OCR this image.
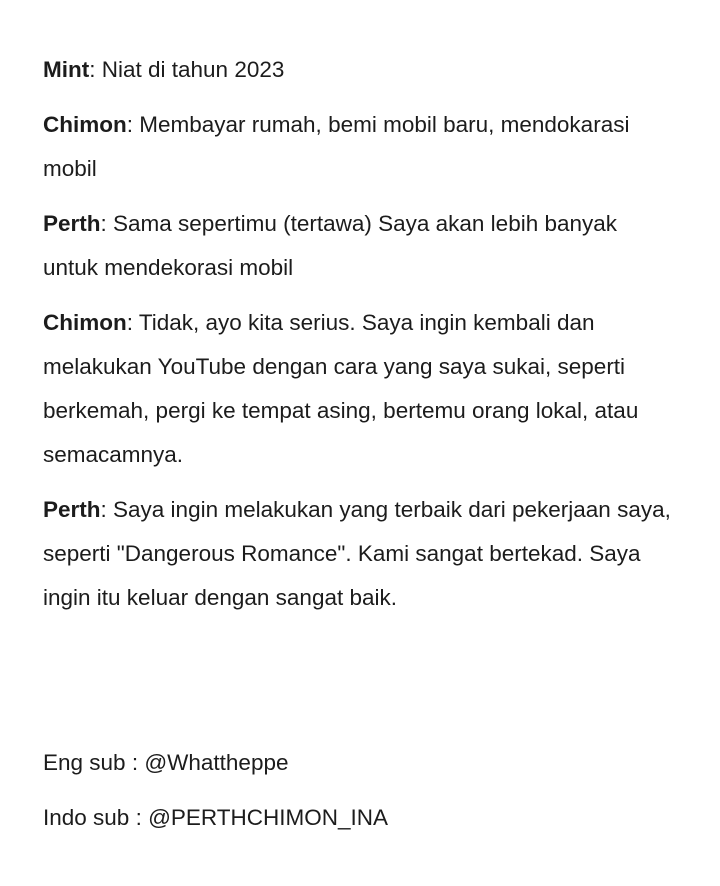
Mint: Niat di tahun 2023

Chimon: Membayar rumah, bemi mobil baru, mendokarasi mobil

Perth: Sama sepertimu (tertawa) Saya akan lebih banyak untuk mendekorasi mobil

Chimon: Tidak, ayo kita serius. Saya ingin kembali dan melakukan YouTube dengan cara yang saya sukai, seperti berkemah, pergi ke tempat asing, bertemu orang lokal, atau semacamnya.

Perth: Saya ingin melakukan yang terbaik dari pekerjaan saya, seperti "Dangerous Romance". Kami sangat bertekad. Saya ingin itu keluar dengan sangat baik.

Eng sub : @Whattheppe

Indo sub : @PERTHCHIMON_INA
